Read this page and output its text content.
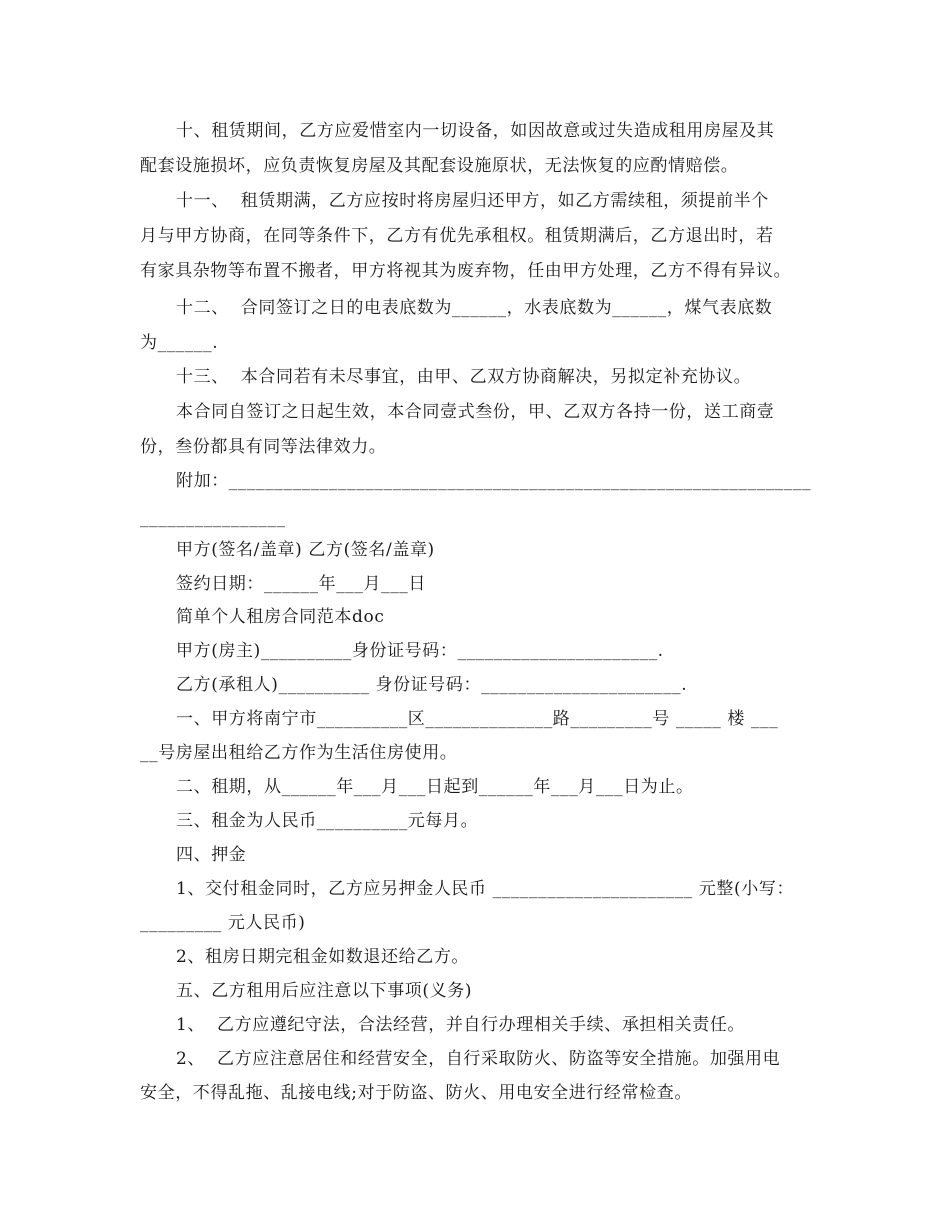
十、租赁期间，乙方应爱惜室内一切设备，如因故意或过失造成租用房屋及其
配套设施损坏，应负责恢复房屋及其配套设施原状，无法恢复的应酌情赔偿。
十一、  租赁期满，乙方应按时将房屋归还甲方，如乙方需续租，须提前半个
月与甲方协商，在同等条件下，乙方有优先承租权。租赁期满后，乙方退出时，若
有家具杂物等布置不搬者，甲方将视其为废弃物，任由甲方处理，乙方不得有异议。
十二、  合同签订之日的电表底数为______，水表底数为______，煤气表底数
为______.
十三、  本合同若有未尽事宜，由甲、乙双方协商解决，另拟定补充协议。
本合同自签订之日起生效，本合同壹式叁份，甲、乙双方各持一份，送工商壹
份，叁份都具有同等法律效力。
附加：________________________________________________________________
________________
甲方(签名/盖章) 乙方(签名/盖章)
签约日期：______年___月___日
简单个人租房合同范本doc
甲方(房主)__________身份证号码：______________________.
乙方(承租人)__________ 身份证号码：______________________.
一、甲方将南宁市__________区______________路_________号 _____ 楼 ___
__号房屋出租给乙方作为生活住房使用。
二、租期，从______年___月___日起到______年___月___日为止。
三、租金为人民币__________元每月。
四、押金
1、交付租金同时，乙方应另押金人民币 ______________________ 元整(小写：
_________ 元人民币)
2、租房日期完租金如数退还给乙方。
五、乙方租用后应注意以下事项(义务)
1、  乙方应遵纪守法，合法经营，并自行办理相关手续、承担相关责任。
2、  乙方应注意居住和经营安全，自行采取防火、防盗等安全措施。加强用电
安全，不得乱拖、乱接电线;对于防盗、防火、用电安全进行经常检查。
